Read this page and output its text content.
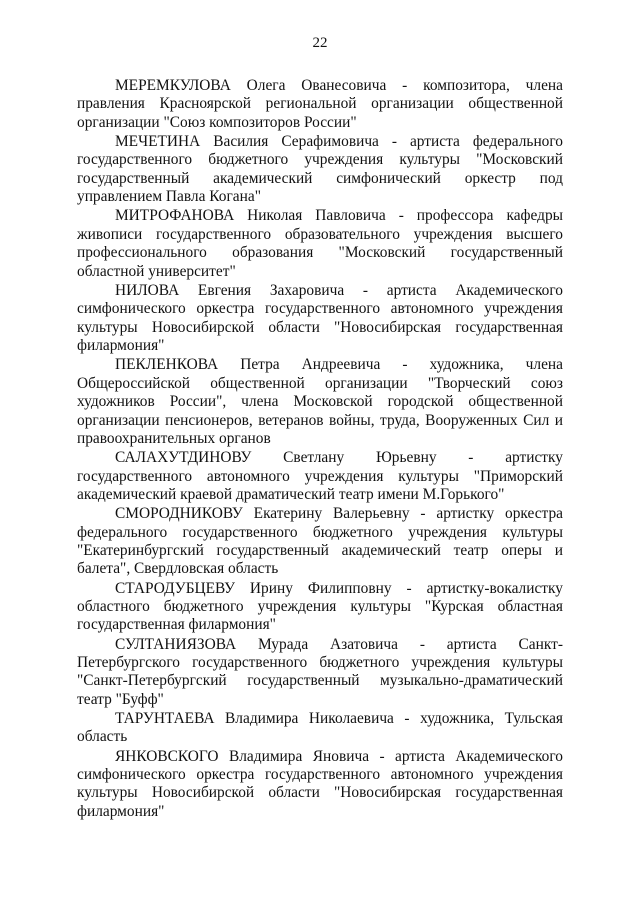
22

МЕРЕМКУЛОВА Олега Ованесовича - композитора, члена правления Красноярской региональной организации общественной организации "Союз композиторов России"

МЕЧЕТИНА Василия Серафимовича - артиста федерального государственного бюджетного учреждения культуры "Московский государственный академический симфонический оркестр под управлением Павла Когана"

МИТРОФАНОВА Николая Павловича - профессора кафедры живописи государственного образовательного учреждения высшего профессионального образования "Московский государственный областной университет"

НИЛОВА Евгения Захаровича - артиста Академического симфонического оркестра государственного автономного учреждения культуры Новосибирской области "Новосибирская государственная филармония"

ПЕКЛЕНКОВА Петра Андреевича - художника, члена Общероссийской общественной организации "Творческий союз художников России", члена Московской городской общественной организации пенсионеров, ветеранов войны, труда, Вооруженных Сил и правоохранительных органов

САЛАХУТДИНОВУ Светлану Юрьевну - артистку государственного автономного учреждения культуры "Приморский академический краевой драматический театр имени М.Горького"

СМОРОДНИКОВУ Екатерину Валерьевну - артистку оркестра федерального государственного бюджетного учреждения культуры "Екатеринбургский государственный академический театр оперы и балета", Свердловская область

СТАРОДУБЦЕВУ Ирину Филипповну - артистку-вокалистку областного бюджетного учреждения культуры "Курская областная государственная филармония"

СУЛТАНИЯЗОВА Мурада Азатовича - артиста Санкт-Петербургского государственного бюджетного учреждения культуры "Санкт-Петербургский государственный музыкально-драматический театр "Буфф"

ТАРУНТАЕВА Владимира Николаевича - художника, Тульская область

ЯНКОВСКОГО Владимира Яновича - артиста Академического симфонического оркестра государственного автономного учреждения культуры Новосибирской области "Новосибирская государственная филармония"
